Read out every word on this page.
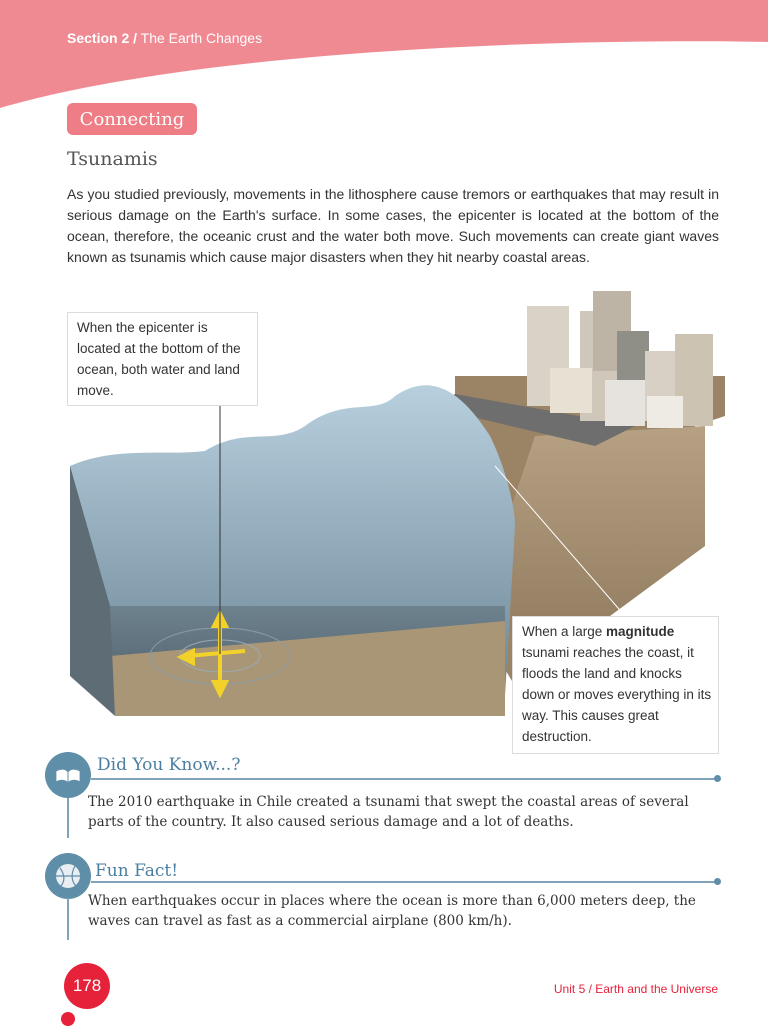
Section 2 / The Earth Changes
Connecting
Tsunamis
As you studied previously, movements in the lithosphere cause tremors or earthquakes that may result in serious damage on the Earth's surface. In some cases, the epicenter is located at the bottom of the ocean, therefore, the oceanic crust and the water both move. Such movements can create giant waves known as tsunamis which cause major disasters when they hit nearby coastal areas.
When the epicenter is located at the bottom of the ocean, both water and land move.
When a large magnitude tsunami reaches the coast, it floods the land and knocks down or moves everything in its way. This causes great destruction.
Did You Know...?
The 2010 earthquake in Chile created a tsunami that swept the coastal areas of several parts of the country. It also caused serious damage and a lot of deaths.
Fun Fact!
When earthquakes occur in places where the ocean is more than 6,000 meters deep, the waves can travel as fast as a commercial airplane (800 km/h).
178	Unit 5 / Earth and the Universe
